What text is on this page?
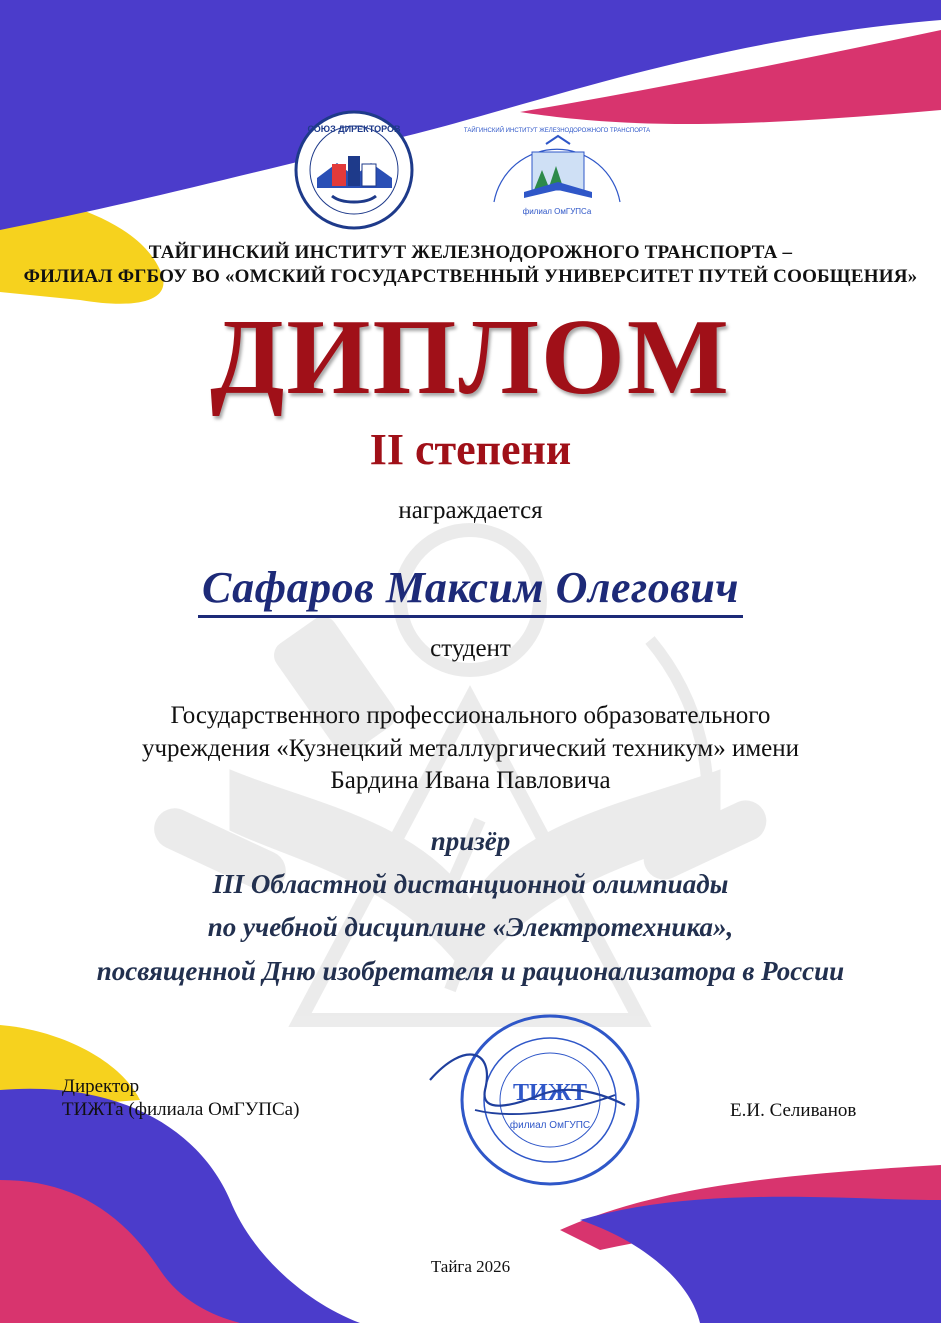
СОЮЗ ДИРЕКТОРОВ	ТАЙГИНСКИЙ ИНСТИТУТ ЖЕЛЕЗНОДОРОЖНОГО ТРАНСПОРТА
филиал ОмГУПСа
ТАЙГИНСКИЙ ИНСТИТУТ ЖЕЛЕЗНОДОРОЖНОГО ТРАНСПОРТА –
ФИЛИАЛ ФГБОУ ВО «ОМСКИЙ ГОСУДАРСТВЕННЫЙ УНИВЕРСИТЕТ ПУТЕЙ СООБЩЕНИЯ»
ДИПЛОМ
II степени
награждается
Сафаров Максим Олегович
студент
Государственного профессионального образовательного
учреждения «Кузнецкий металлургический техникум» имени
Бардина Ивана Павловича
призёр
III Областной дистанционной олимпиады
по учебной дисциплине «Электротехника»,
посвященной Дню изобретателя и рационализатора в России
ТИЖТ
филиал ОмГУПС
Директор
ТИЖТа (филиала ОмГУПСа)	Е.И. Селиванов
Тайга 2026
